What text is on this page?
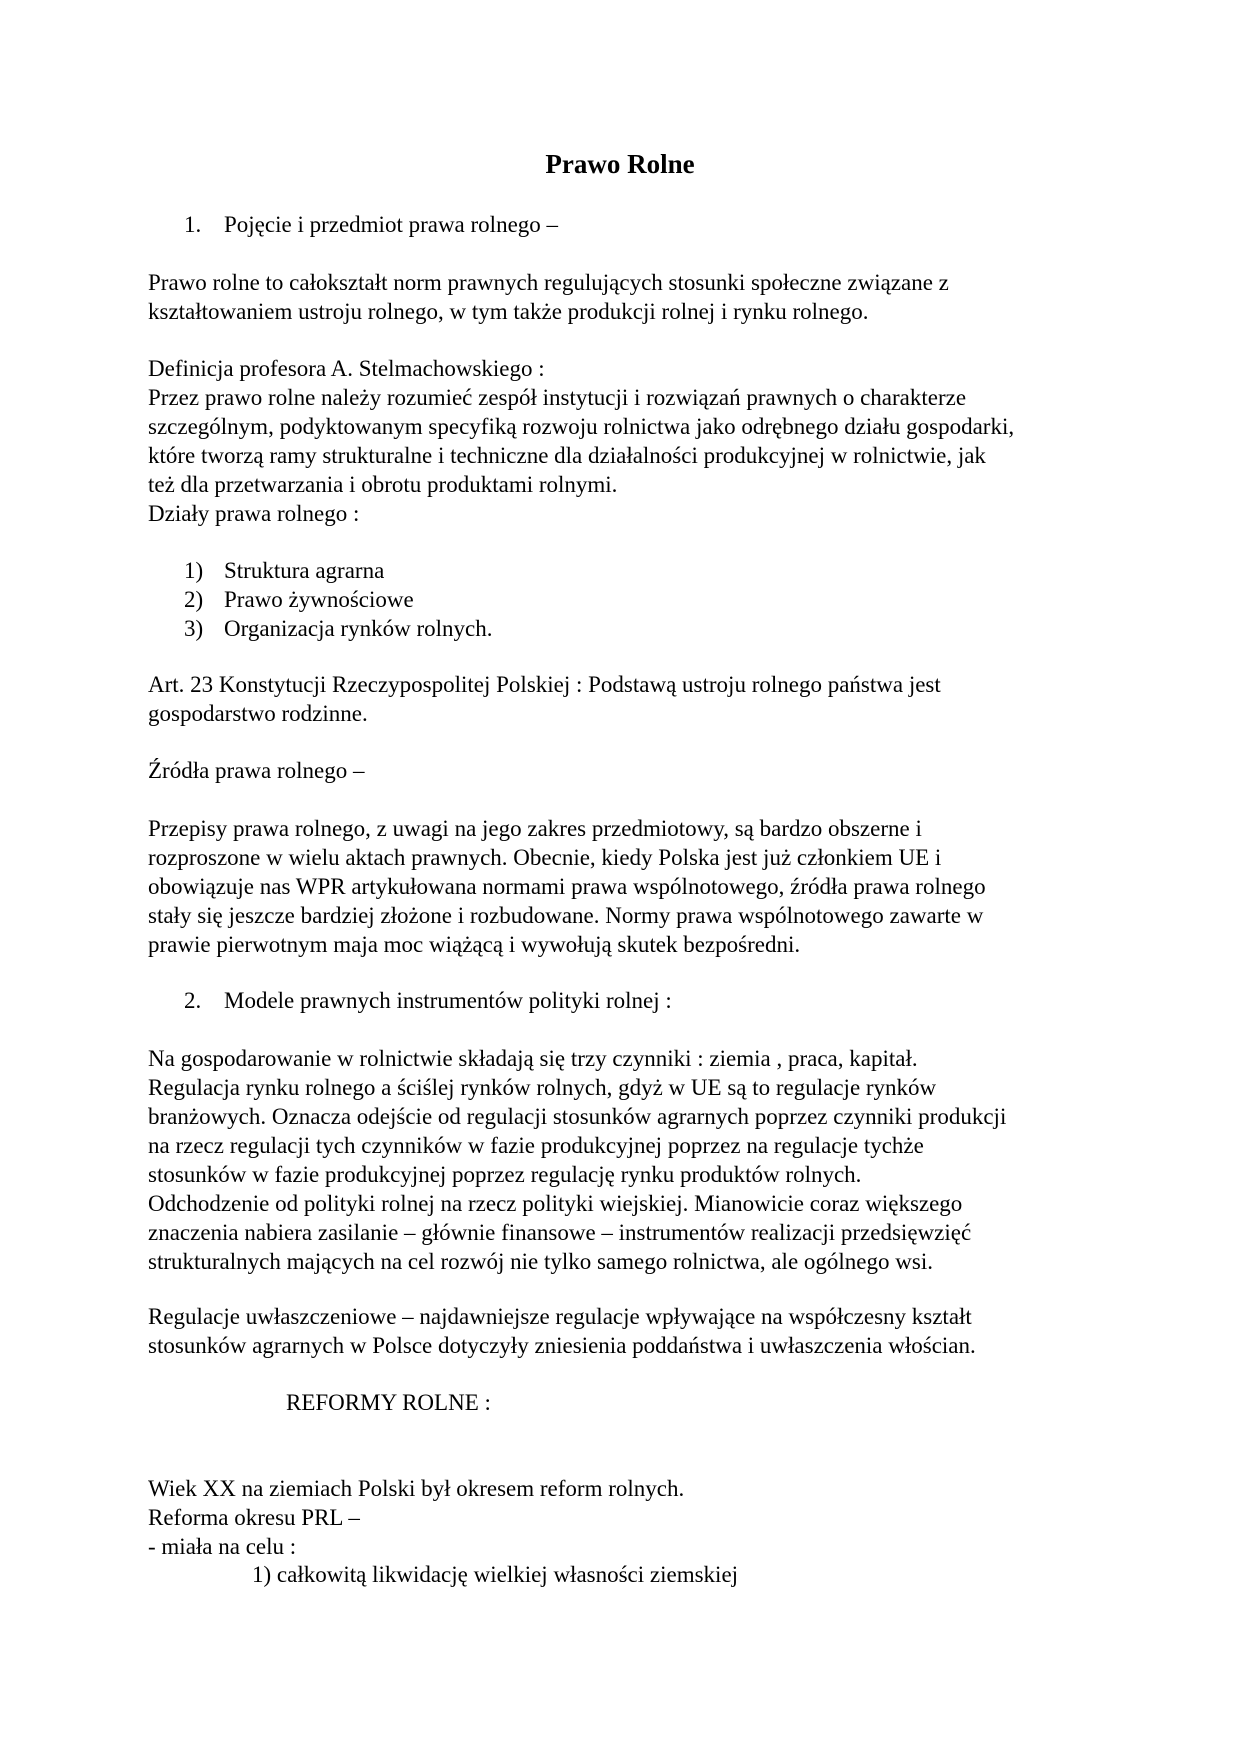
Prawo Rolne
1. Pojęcie i przedmiot prawa rolnego –
Prawo rolne to całokształt norm prawnych regulujących stosunki społeczne związane z
kształtowaniem ustroju rolnego, w tym także produkcji rolnej i rynku rolnego.
Definicja profesora A. Stelmachowskiego :
Przez prawo rolne należy rozumieć zespół instytucji i rozwiązań prawnych o charakterze
szczególnym, podyktowanym specyfiką rozwoju rolnictwa jako odrębnego działu gospodarki,
które tworzą ramy strukturalne i techniczne dla działalności produkcyjnej w rolnictwie, jak
też dla przetwarzania i obrotu produktami rolnymi.
Działy prawa rolnego :
1) Struktura agrarna
2) Prawo żywnościowe
3) Organizacja rynków rolnych.
Art. 23 Konstytucji Rzeczypospolitej Polskiej : Podstawą ustroju rolnego państwa jest
gospodarstwo rodzinne.
Źródła prawa rolnego –
Przepisy prawa rolnego, z uwagi na jego zakres przedmiotowy, są bardzo obszerne i
rozproszone w wielu aktach prawnych. Obecnie, kiedy Polska jest już członkiem UE i
obowiązuje nas WPR artykułowana normami prawa wspólnotowego, źródła prawa rolnego
stały się jeszcze bardziej złożone i rozbudowane. Normy prawa wspólnotowego zawarte w
prawie pierwotnym maja moc wiążącą i wywołują skutek bezpośredni.
2. Modele prawnych instrumentów polityki rolnej :
Na gospodarowanie w rolnictwie składają się trzy czynniki : ziemia , praca, kapitał.
Regulacja rynku rolnego a ściślej rynków rolnych, gdyż w UE są to regulacje rynków
branżowych. Oznacza odejście od regulacji stosunków agrarnych poprzez czynniki produkcji
na rzecz regulacji tych czynników w fazie produkcyjnej poprzez na regulacje tychże
stosunków w fazie produkcyjnej poprzez regulację rynku produktów rolnych.
Odchodzenie od polityki rolnej na rzecz polityki wiejskiej. Mianowicie coraz większego
znaczenia nabiera zasilanie – głównie finansowe – instrumentów realizacji przedsięwzięć
strukturalnych mających na cel rozwój nie tylko samego rolnictwa, ale ogólnego wsi.
Regulacje uwłaszczeniowe – najdawniejsze regulacje wpływające na współczesny kształt
stosunków agrarnych w Polsce dotyczyły zniesienia poddaństwa i uwłaszczenia włościan.
REFORMY ROLNE :
Wiek XX na ziemiach Polski był okresem reform rolnych.
Reforma okresu PRL –
- miała na celu :
1) całkowitą likwidację wielkiej własności ziemskiej
